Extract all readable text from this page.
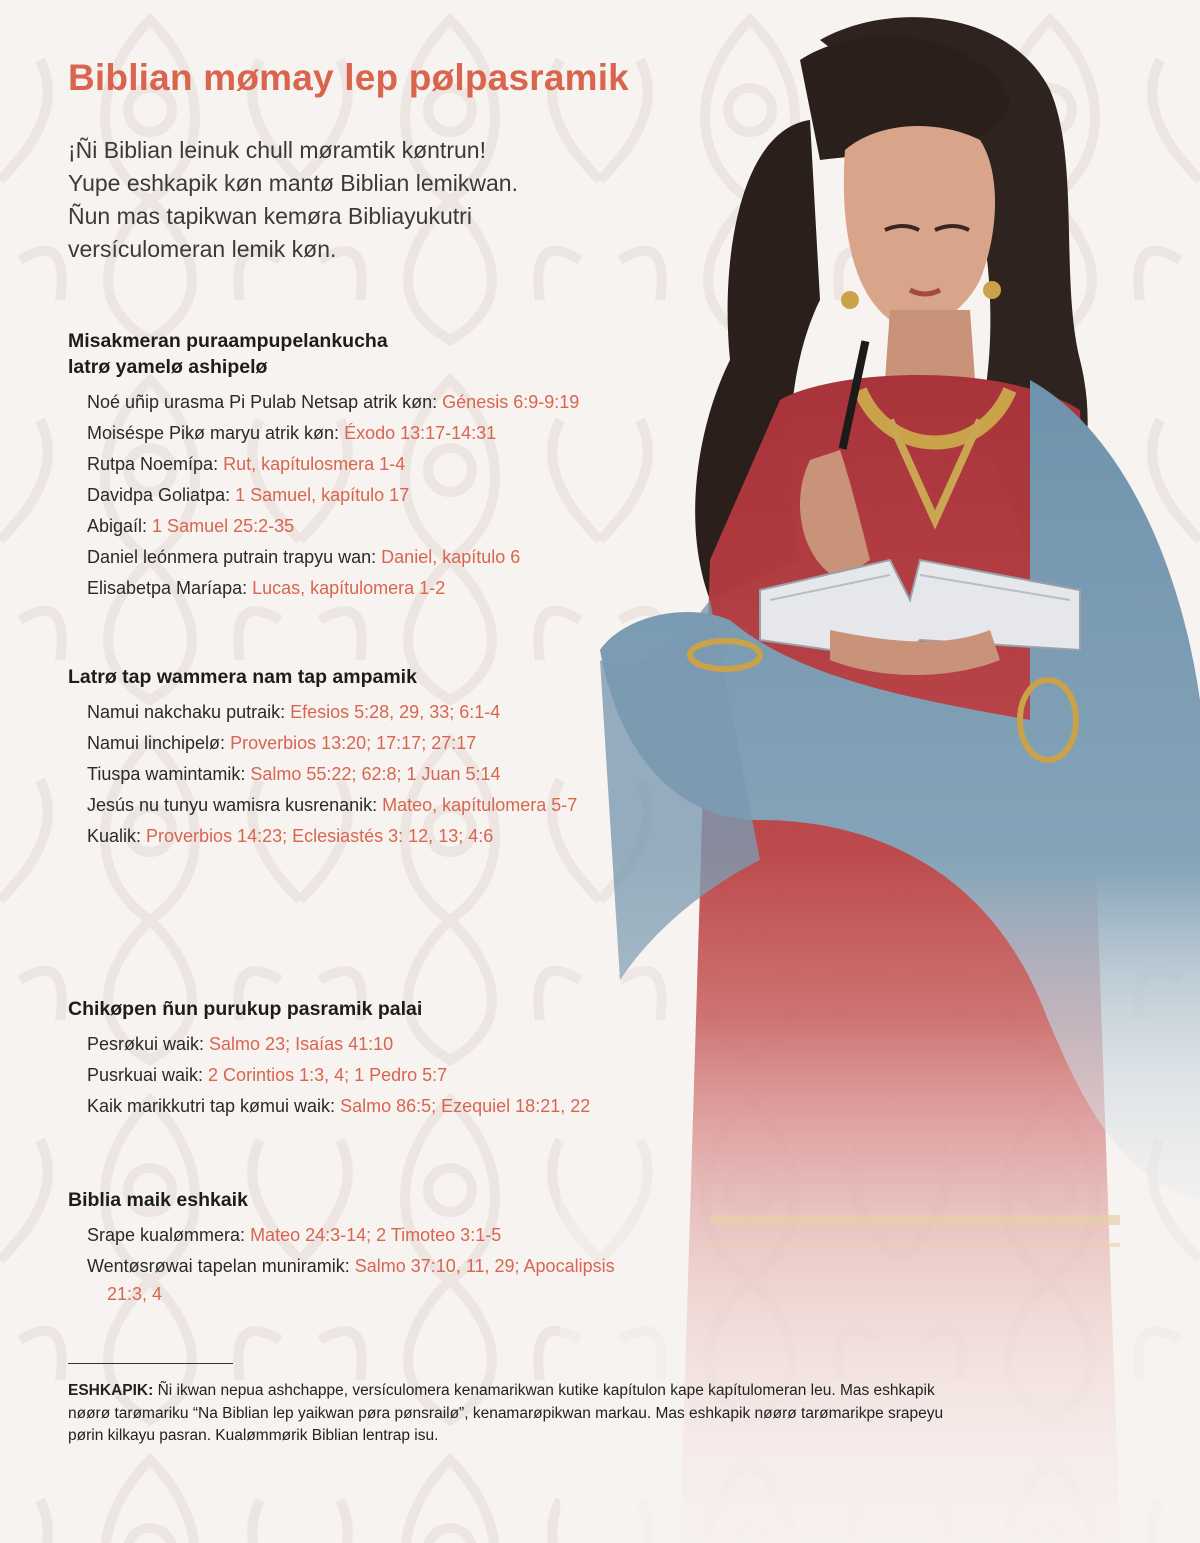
Biblian mømay lep pølpasramik

¡Ñi Biblian leinuk chull møramtik køntrun!
Yupe eshkapik køn mantø Biblian lemikwan.
Ñun mas tapikwan kemøra Bibliayukutri
versículomeran lemik køn.

Misakmeran puraampupelankucha
latrø yamelø ashipelø
Noé uñip urasma Pi Pulab Netsap atrik køn: Génesis 6:9-9:19
Moiséspe Pikø maryu atrik køn: Éxodo 13:17-14:31
Rutpa Noemípa: Rut, kapítulosmera 1-4
Davidpa Goliatpa: 1 Samuel, kapítulo 17
Abigaíl: 1 Samuel 25:2-35
Daniel leónmera putrain trapyu wan: Daniel, kapítulo 6
Elisabetpa Maríapa: Lucas, kapítulomera 1-2
Latrø tap wammera nam tap ampamik
Namui nakchaku putraik: Efesios 5:28, 29, 33; 6:1-4
Namui linchipelø: Proverbios 13:20; 17:17; 27:17
Tiuspa wamintamik: Salmo 55:22; 62:8; 1 Juan 5:14
Jesús nu tunyu wamisra kusrenanik: Mateo, kapítulomera 5-7
Kualik: Proverbios 14:23; Eclesiastés 3: 12, 13; 4:6
Chikøpen ñun purukup pasramik palai
Pesrøkui waik: Salmo 23; Isaías 41:10
Pusrkuai waik: 2 Corintios 1:3, 4; 1 Pedro 5:7
Kaik marikkutri tap kømui waik: Salmo 86:5; Ezequiel 18:21, 22
Biblia maik eshkaik
Srape kualømmera: Mateo 24:3-14; 2 Timoteo 3:1-5
Wentøsrøwai tapelan muniramik: Salmo 37:10, 11, 29; Apocalipsis 21:3, 4
ESHKAPIK: Ñi ikwan nepua ashchappe, versículomera kenamarikwan kutike kapítulon kape kapítulomeran leu. Mas eshkapik nøørø tarømariku “Na Biblian lep yaikwan pøra pønsrailø”, kenamarøpikwan markau. Mas eshkapik nøørø tarømarikpe srapeyu pørin kilkayu pasran. Kualømmørik Biblian lentrap isu.
